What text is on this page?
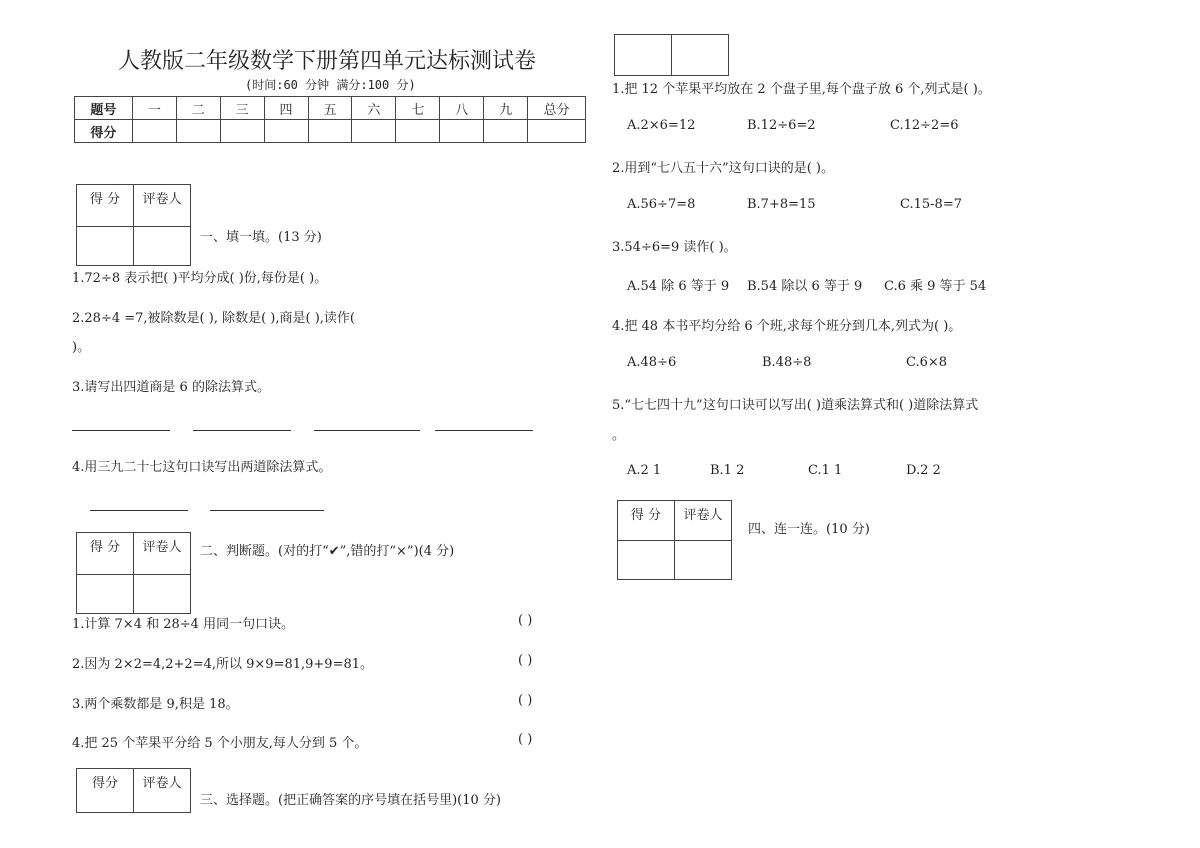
人教版二年级数学下册第四单元达标测试卷
(时间:60 分钟 满分:100 分)
题号	一	二	三	四	五	六	七	八	九	总分
得分										
得 分	评卷人

一、填一填。(13 分)
1.72÷8 表示把( )平均分成( )份,每份是( )。
2.28÷4 =7,被除数是( ), 除数是( ),商是( ),读作(
)。
3.请写出四道商是 6 的除法算式。
4.用三九二十七这句口诀写出两道除法算式。
得 分	评卷人
	二、判断题。(对的打“✔”,错的打“×”)(4 分)
1.计算 7×4 和 28÷4 用同一句口诀。	( )
2.因为 2×2=4,2+2=4,所以 9×9=81,9+9=81。	( )
3.两个乘数都是 9,积是 18。	( )
4.把 25 个苹果平分给 5 个小朋友,每人分到 5 个。	( )
得分	评卷人
三、选择题。(把正确答案的序号填在括号里)(10 分)

1.把 12 个苹果平均放在 2 个盘子里,每个盘子放 6 个,列式是( )。
A.2×6=12	B.12÷6=2	C.12÷2=6
2.用到“七八五十六”这句口诀的是( )。
A.56÷7=8	B.7+8=15	C.15-8=7
3.54÷6=9 读作( )。
A.54 除 6 等于 9 B.54 除以 6 等于 9 C.6 乘 9 等于 54
4.把 48 本书平均分给 6 个班,求每个班分到几本,列式为( )。
A.48÷6	B.48÷8	C.6×8
5.“七七四十九”这句口诀可以写出( )道乘法算式和( )道除法算式
。
A.2 1	B.1 2	C.1 1	D.2 2
得 分	评卷人

四、连一连。(10 分)
